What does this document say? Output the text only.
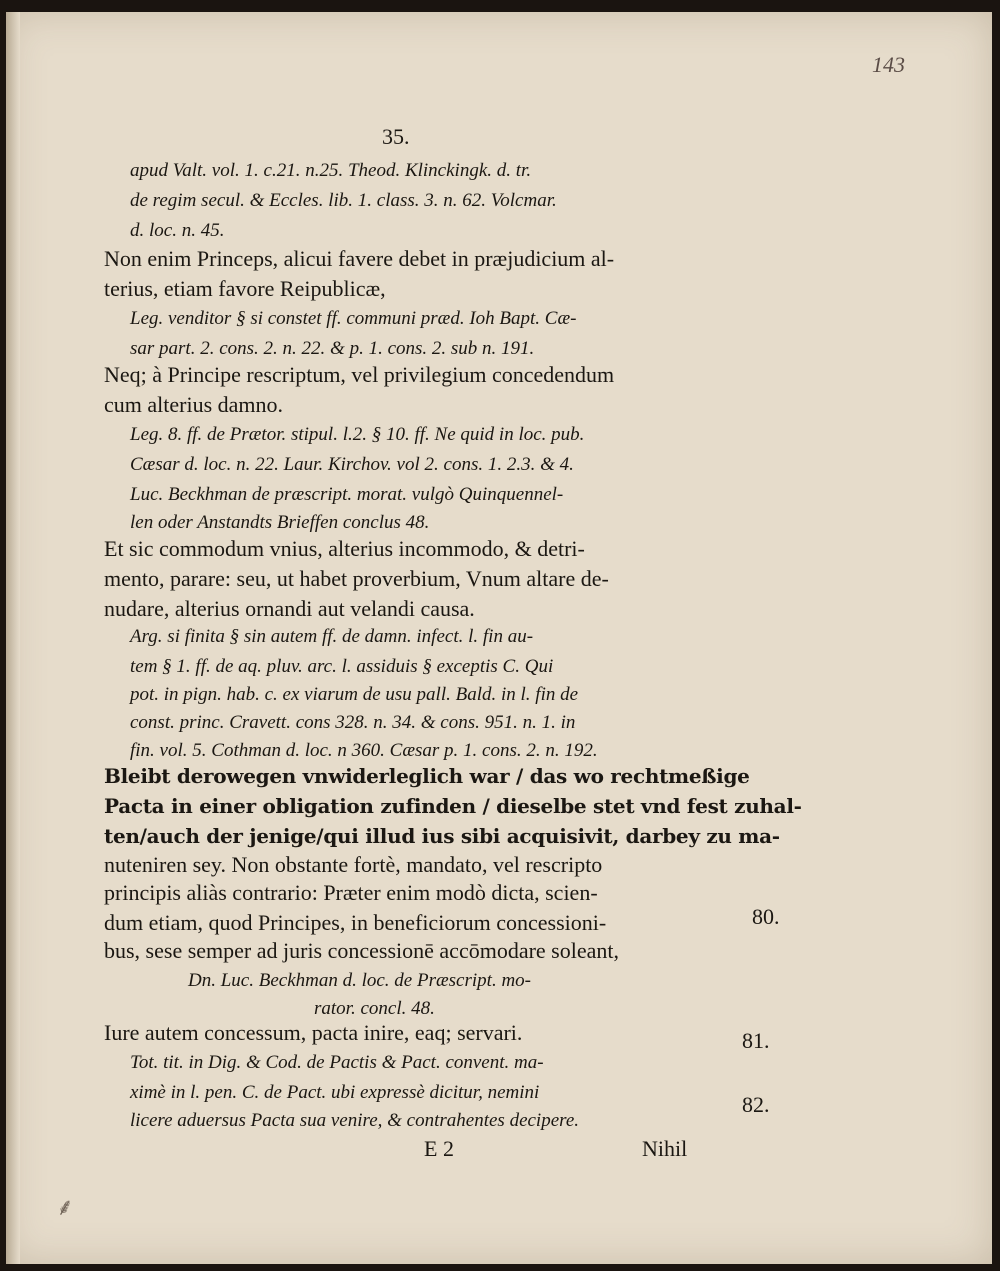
143
35.
E 2	Nihil
⸙
apud Valt. vol. 1. c.21. n.25. Theod. Klinckingk. d. tr.
de regim secul. & Eccles. lib. 1. class. 3. n. 62. Volcmar.
d. loc. n. 45.
Non enim Princeps, alicui favere debet in præjudicium al-
terius, etiam favore Reipublicæ,
Leg. venditor § si constet ff. communi præd. Ioh Bapt. Cæ-
sar part. 2. cons. 2. n. 22. & p. 1. cons. 2. sub n. 191.
Neq; à Principe rescriptum, vel privilegium concedendum
cum alterius damno.
Leg. 8. ff. de Prætor. stipul. l.2. § 10. ff. Ne quid in loc. pub.
Cæsar d. loc. n. 22. Laur. Kirchov. vol 2. cons. 1. 2.3. & 4.
Luc. Beckhman de præscript. morat. vulgò Quinquennel-
len oder Anstandts Brieffen conclus 48.
Et sic commodum vnius, alterius incommodo, & detri-
mento, parare: seu, ut habet proverbium, Vnum altare de-
nudare, alterius ornandi aut velandi causa.
Arg. si finita § sin autem ff. de damn. infect. l. fin au-
tem § 1. ff. de aq. pluv. arc. l. assiduis § exceptis C. Qui
pot. in pign. hab. c. ex viarum de usu pall. Bald. in l. fin de
const. princ. Cravett. cons 328. n. 34. & cons. 951. n. 1. in
fin. vol. 5. Cothman d. loc. n 360. Cæsar p. 1. cons. 2. n. 192.
Bleibt derowegen vnwiderleglich war / das wo rechtmeßige
Pacta in einer obligation zufinden / dieselbe stet vnd fest zuhal-
ten/auch der jenige/qui illud ius sibi acquisivit, darbey zu ma-
nuteniren sey. Non obstante fortè, mandato, vel rescripto
principis aliàs contrario: Præter enim modò dicta, scien-
dum etiam, quod Principes, in beneficiorum concessioni-
bus, sese semper ad juris concessionē accōmodare soleant,
Dn. Luc. Beckhman d. loc. de Præscript. mo-
rator. concl. 48.
Iure autem concessum, pacta inire, eaq; servari.
Tot. tit. in Dig. & Cod. de Pactis & Pact. convent. ma-
ximè in l. pen. C. de Pact. ubi expressè dicitur, nemini
licere aduersus Pacta sua venire, & contrahentes decipere.
80.
81.
82.
